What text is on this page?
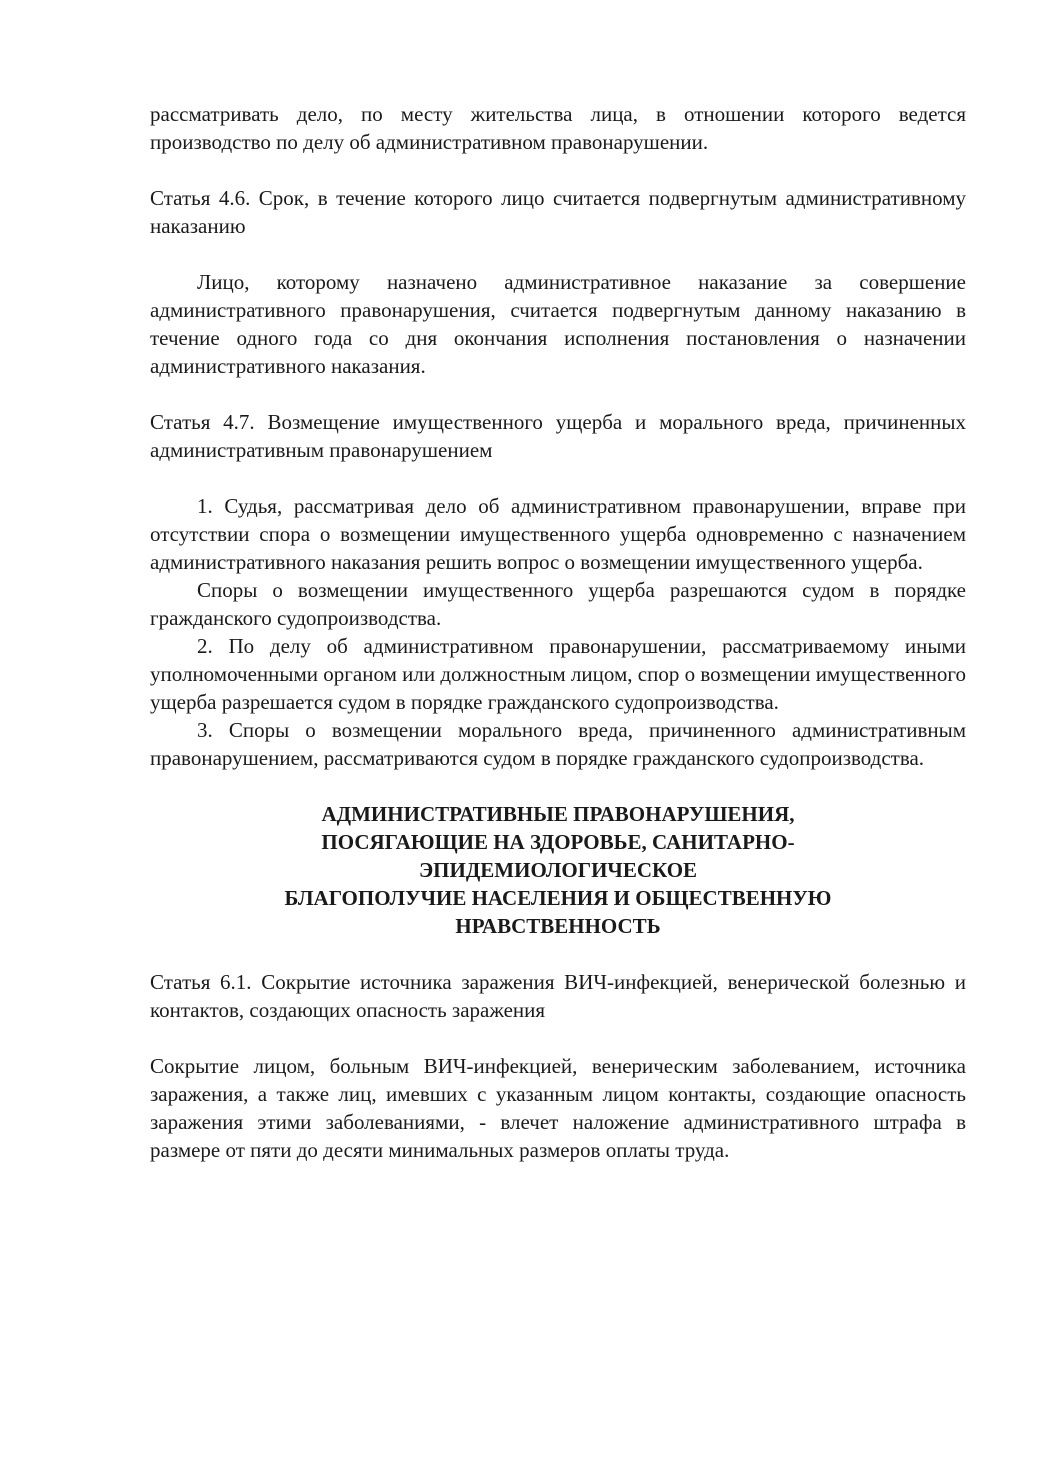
рассматривать дело, по месту жительства лица, в отношении которого ведется производство по делу об административном правонарушении.

Статья 4.6. Срок, в течение которого лицо считается подвергнутым административному наказанию

Лицо, которому назначено административное наказание за совершение административного правонарушения, считается подвергнутым данному наказанию в течение одного года со дня окончания исполнения постановления о назначении административного наказания.

Статья 4.7. Возмещение имущественного ущерба и морального вреда, причиненных административным правонарушением

1. Судья, рассматривая дело об административном правонарушении, вправе при отсутствии спора о возмещении имущественного ущерба одновременно с назначением административного наказания решить вопрос о возмещении имущественного ущерба.

Споры о возмещении имущественного ущерба разрешаются судом в порядке гражданского судопроизводства.

2. По делу об административном правонарушении, рассматриваемому иными уполномоченными органом или должностным лицом, спор о возмещении имущественного ущерба разрешается судом в порядке гражданского судопроизводства.

3. Споры о возмещении морального вреда, причиненного административным правонарушением, рассматриваются судом в порядке гражданского судопроизводства.

АДМИНИСТРАТИВНЫЕ ПРАВОНАРУШЕНИЯ,
ПОСЯГАЮЩИЕ НА ЗДОРОВЬЕ, САНИТАРНО-
ЭПИДЕМИОЛОГИЧЕСКОЕ
БЛАГОПОЛУЧИЕ НАСЕЛЕНИЯ И ОБЩЕСТВЕННУЮ
НРАВСТВЕННОСТЬ

Статья 6.1. Сокрытие источника заражения ВИЧ-инфекцией, венерической болезнью и контактов, создающих опасность заражения

Сокрытие лицом, больным ВИЧ-инфекцией, венерическим заболеванием, источника заражения, а также лиц, имевших с указанным лицом контакты, создающие опасность заражения этими заболеваниями, - влечет наложение административного штрафа в размере от пяти до десяти минимальных размеров оплаты труда.
